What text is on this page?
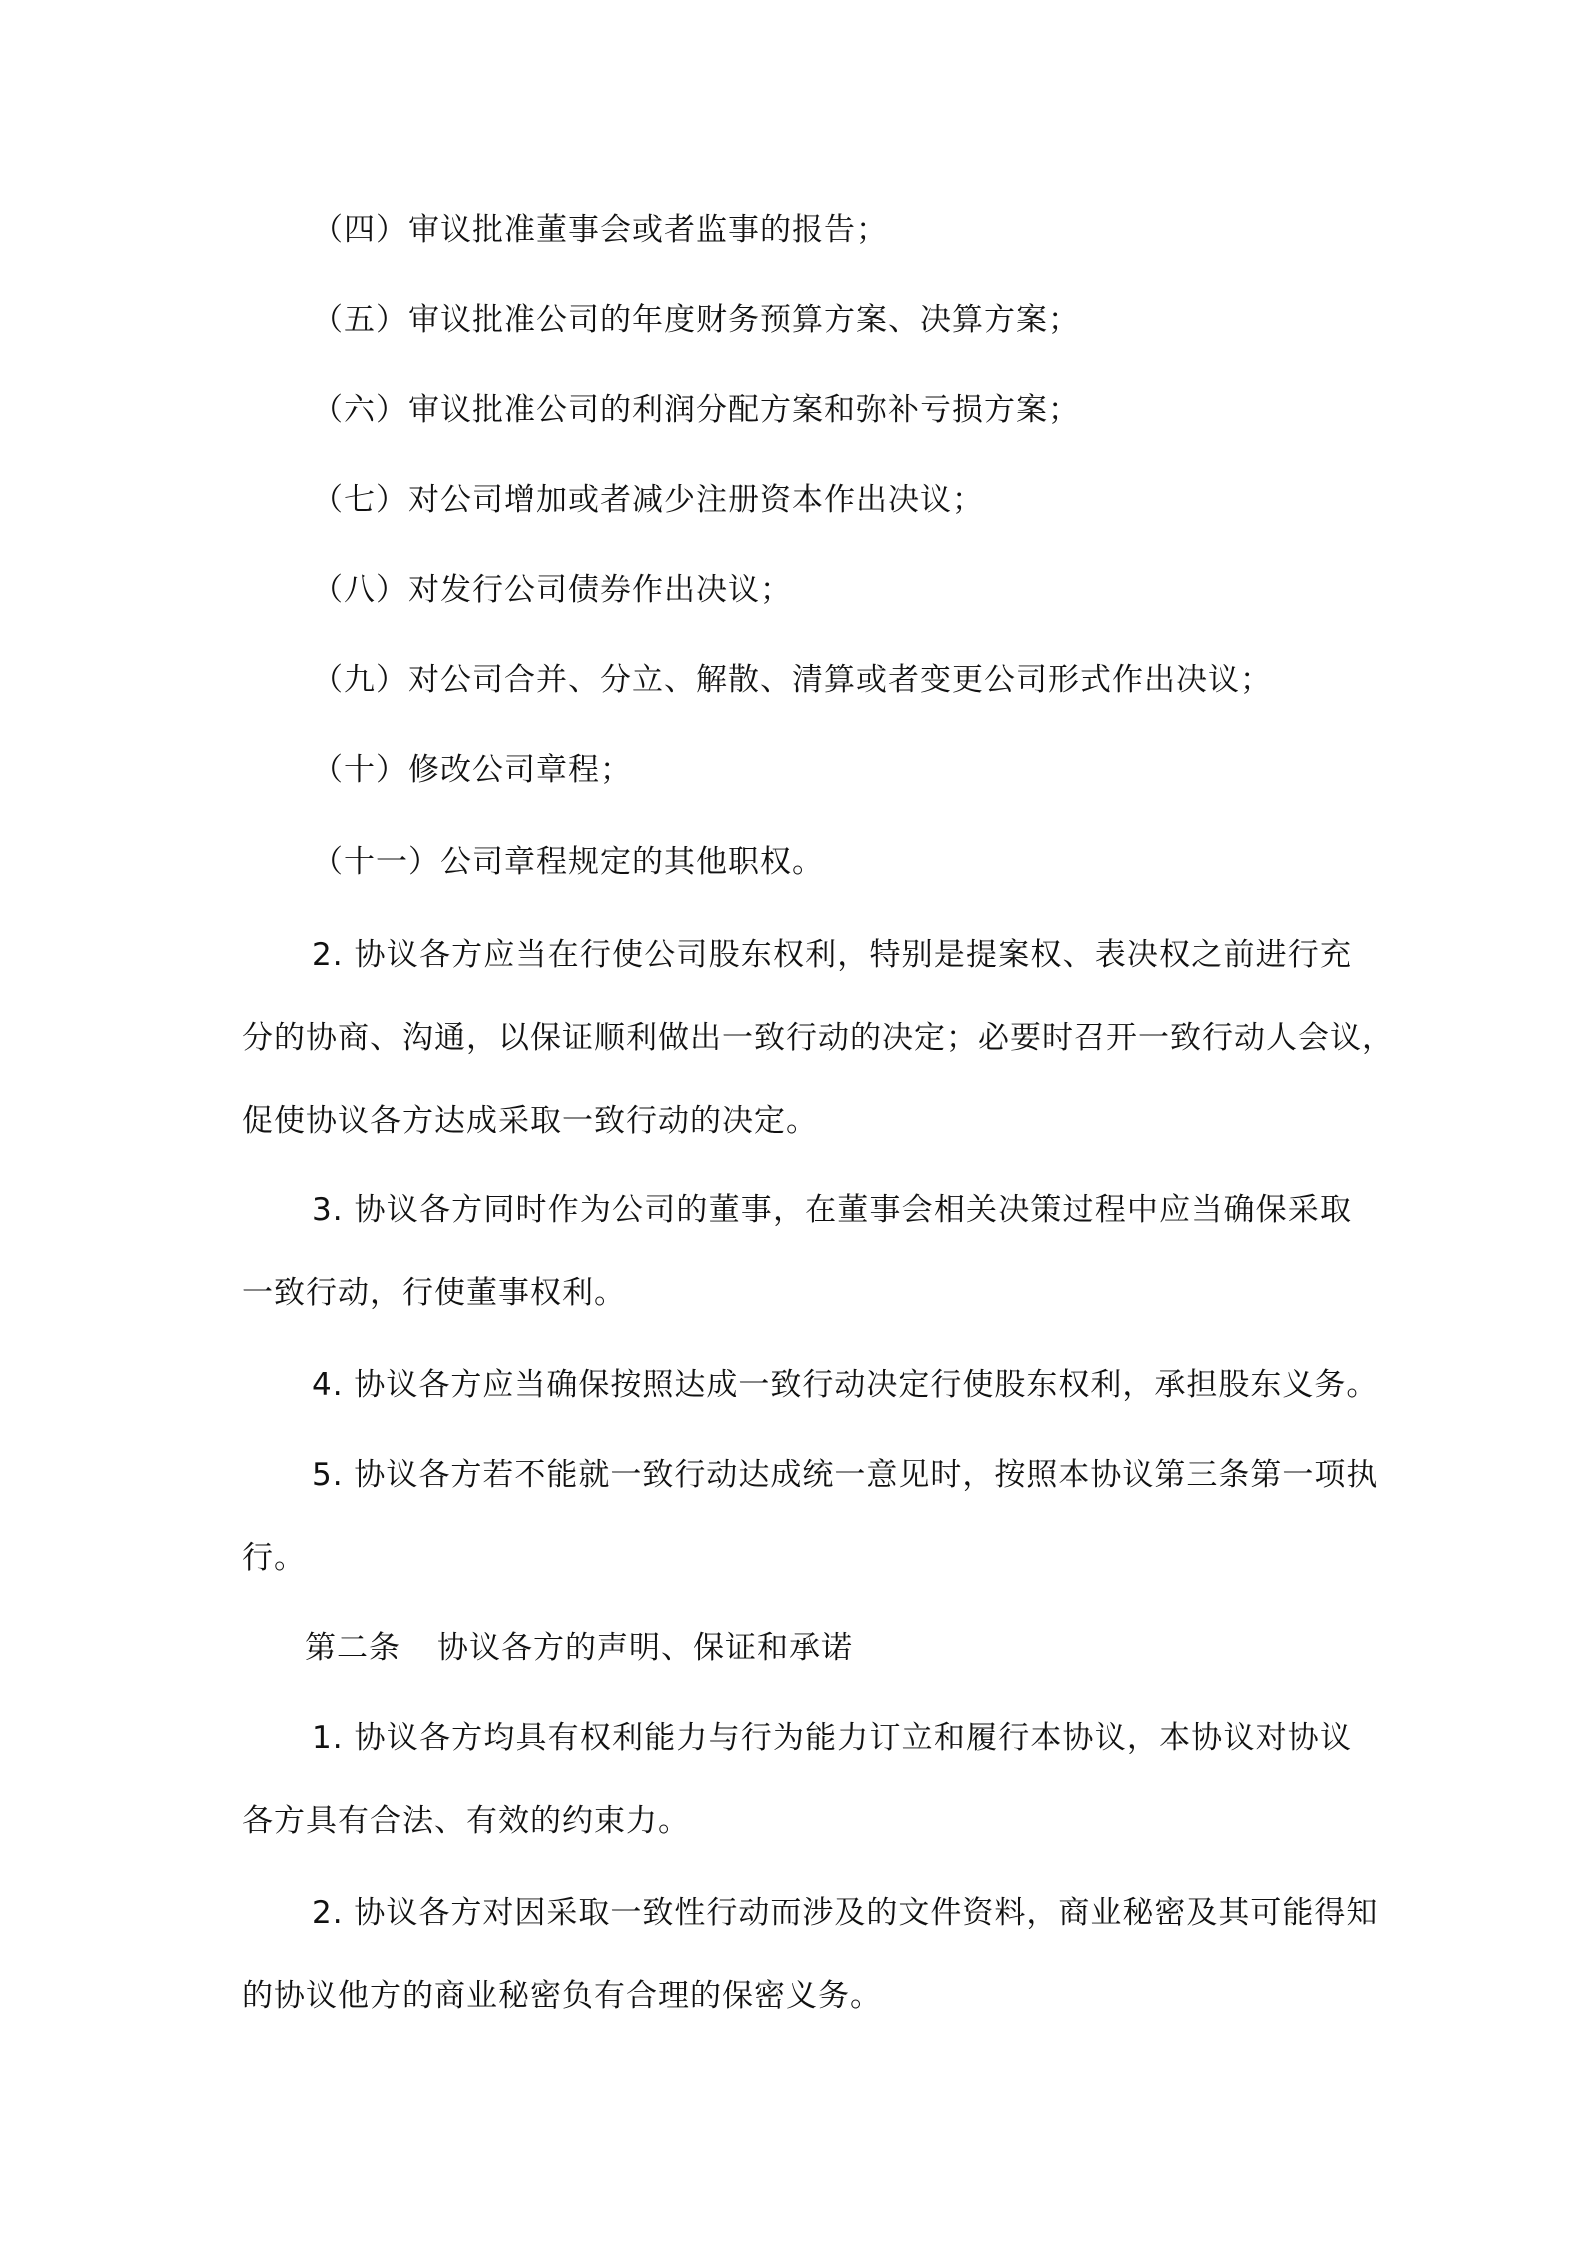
（四）审议批准董事会或者监事的报告；
（五）审议批准公司的年度财务预算方案、决算方案；
（六）审议批准公司的利润分配方案和弥补亏损方案；
（七）对公司增加或者减少注册资本作出决议；
（八）对发行公司债券作出决议；
（九）对公司合并、分立、解散、清算或者变更公司形式作出决议；
（十）修改公司章程；
（十一）公司章程规定的其他职权。
2. 协议各方应当在行使公司股东权利，特别是提案权、表决权之前进行充
分的协商、沟通，以保证顺利做出一致行动的决定；必要时召开一致行动人会议，
促使协议各方达成采取一致行动的决定。
3. 协议各方同时作为公司的董事，在董事会相关决策过程中应当确保采取
一致行动，行使董事权利。
4. 协议各方应当确保按照达成一致行动决定行使股东权利，承担股东义务。
5. 协议各方若不能就一致行动达成统一意见时，按照本协议第三条第一项执
行。
第二条 协议各方的声明、保证和承诺
1. 协议各方均具有权利能力与行为能力订立和履行本协议，本协议对协议
各方具有合法、有效的约束力。
2. 协议各方对因采取一致性行动而涉及的文件资料，商业秘密及其可能得知
的协议他方的商业秘密负有合理的保密义务。
